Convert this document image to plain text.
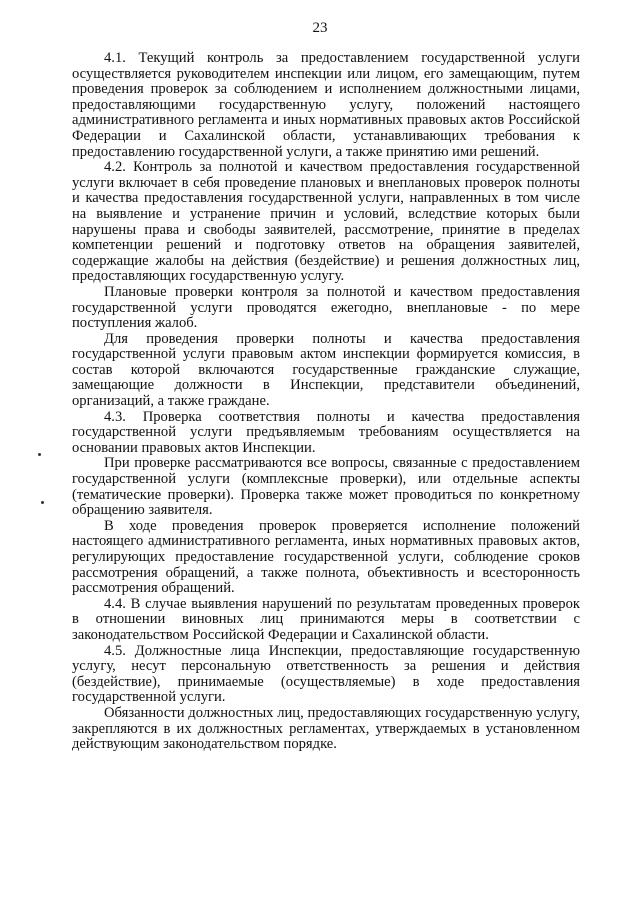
23

4.1. Текущий контроль за предоставлением государственной услуги осуществляется руководителем инспекции или лицом, его замещающим, путем проведения проверок за соблюдением и исполнением должностными лицами, предоставляющими государственную услугу, положений настоящего административного регламента и иных нормативных правовых актов Российской Федерации и Сахалинской области, устанавливающих требования к предоставлению государственной услуги, а также принятию ими решений.

4.2. Контроль за полнотой и качеством предоставления государственной услуги включает в себя проведение плановых и внеплановых проверок полноты и качества предоставления государственной услуги, направленных в том числе на выявление и устранение причин и условий, вследствие которых были нарушены права и свободы заявителей, рассмотрение, принятие в пределах компетенции решений и подготовку ответов на обращения заявителей, содержащие жалобы на действия (бездействие) и решения должностных лиц, предоставляющих государственную услугу.

Плановые проверки контроля за полнотой и качеством предоставления государственной услуги проводятся ежегодно, внеплановые - по мере поступления жалоб.

Для проведения проверки полноты и качества предоставления государственной услуги правовым актом инспекции формируется комиссия, в состав которой включаются государственные гражданские служащие, замещающие должности в Инспекции, представители объединений, организаций, а также граждане.

4.3. Проверка соответствия полноты и качества предоставления государственной услуги предъявляемым требованиям осуществляется на основании правовых актов Инспекции.

При проверке рассматриваются все вопросы, связанные с предоставлением государственной услуги (комплексные проверки), или отдельные аспекты (тематические проверки). Проверка также может проводиться по конкретному обращению заявителя.

В ходе проведения проверок проверяется исполнение положений настоящего административного регламента, иных нормативных правовых актов, регулирующих предоставление государственной услуги, соблюдение сроков рассмотрения обращений, а также полнота, объективность и всесторонность рассмотрения обращений.

4.4. В случае выявления нарушений по результатам проведенных проверок в отношении виновных лиц принимаются меры в соответствии с законодательством Российской Федерации и Сахалинской области.

4.5. Должностные лица Инспекции, предоставляющие государственную услугу, несут персональную ответственность за решения и действия (бездействие), принимаемые (осуществляемые) в ходе предоставления государственной услуги.

Обязанности должностных лиц, предоставляющих государственную услугу, закрепляются в их должностных регламентах, утверждаемых в установленном действующим законодательством порядке.
